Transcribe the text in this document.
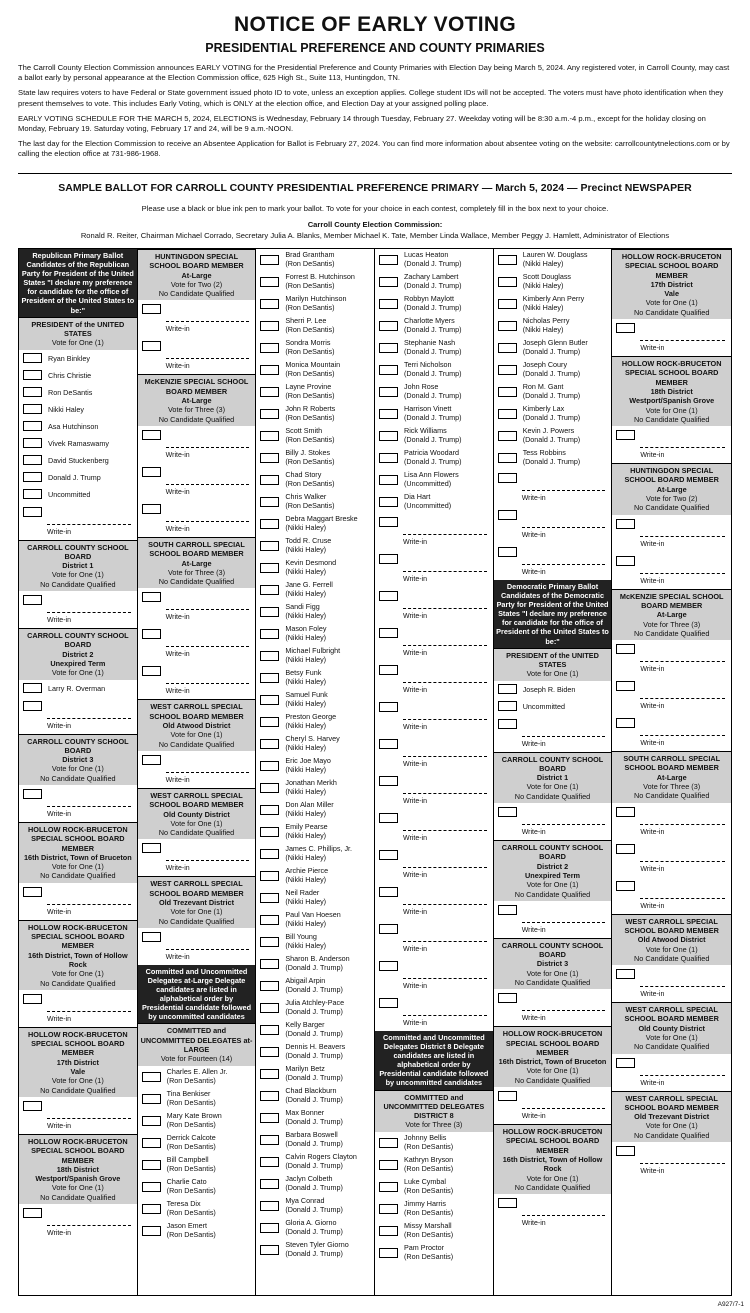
NOTICE OF EARLY VOTING
PRESIDENTIAL PREFERENCE AND COUNTY PRIMARIES

The Carroll County Election Commission announces EARLY VOTING for the Presidential Preference and County Primaries with Election Day being March 5, 2024. Any registered voter, in Carroll County, may cast a ballot early by personal appearance at the Election Commission office, 625 High St., Suite 113, Huntingdon, TN.

State law requires voters to have Federal or State government issued photo ID to vote, unless an exception applies. College student IDs will not be accepted. The voters must have photo identification when they present themselves to vote. This includes Early Voting, which is ONLY at the election office, and Election Day at your assigned polling place.

EARLY VOTING SCHEDULE FOR THE MARCH 5, 2024, ELECTIONS is Wednesday, February 14 through Tuesday, February 27. Weekday voting will be 8:30 a.m.-4 p.m., except for the holiday closing on Monday, February 19. Saturday voting, February 17 and 24, will be 9 a.m.-NOON.

The last day for the Election Commission to receive an Absentee Application for Ballot is February 27, 2024. You can find more information about absentee voting on the website: carrollcountytnelections.com or by calling the election office at 731-986-1968.

SAMPLE BALLOT FOR CARROLL COUNTY PRESIDENTIAL PREFERENCE PRIMARY — March 5, 2024 — Precinct NEWSPAPER
Please use a black or blue ink pen to mark your ballot. To vote for your choice in each contest, completely fill in the box next to your choice.
Carroll County Election Commission:
Ronald R. Reiter, Chairman Michael Corrado, Secretary Julia A. Blanks, Member Michael K. Tate, Member Linda Wallace, Member Peggy J. Hamlett, Administrator of Elections
Republican Primary Ballot Candidates of the Republican Party for President of the United States "I declare my preference for candidate for the office of President of the United States to be:"
PRESIDENT of the UNITED STATES
Vote for One (1)
Ryan Binkley
Chris Christie
Ron DeSantis
Nikki Haley
Asa Hutchinson
Vivek Ramaswamy
David Stuckenberg
Donald J. Trump
Uncommitted
Write-in
CARROLL COUNTY SCHOOL BOARD
District 1
Vote for One (1)
No Candidate Qualified
Write-in
CARROLL COUNTY SCHOOL BOARD
District 2
Unexpired Term
Vote for One (1)
Larry R. Overman
Write-in
CARROLL COUNTY SCHOOL BOARD
District 3
Vote for One (1)
No Candidate Qualified
Write-in
HOLLOW ROCK-BRUCETON SPECIAL SCHOOL BOARD MEMBER
16th District, Town of Bruceton
Vote for One (1)
No Candidate Qualified
Write-in
HOLLOW ROCK-BRUCETON SPECIAL SCHOOL BOARD MEMBER
16th District, Town of Hollow Rock
Vote for One (1)
No Candidate Qualified
Write-in
HOLLOW ROCK-BRUCETON SPECIAL SCHOOL BOARD MEMBER
17th District
Vale
Vote for One (1)
No Candidate Qualified
Write-in
HOLLOW ROCK-BRUCETON SPECIAL SCHOOL BOARD MEMBER
18th District
Westport/Spanish Grove
Vote for One (1)
No Candidate Qualified
Write-in
HUNTINGDON SPECIAL SCHOOL BOARD MEMBER
At-Large
Vote for Two (2)
No Candidate Qualified
Write-in
Write-in
McKENZIE SPECIAL SCHOOL BOARD MEMBER
At-Large
Vote for Three (3)
No Candidate Qualified
Write-in
Write-in
Write-in
SOUTH CARROLL SPECIAL SCHOOL BOARD MEMBER
At-Large
Vote for Three (3)
No Candidate Qualified
Write-in
Write-in
Write-in
WEST CARROLL SPECIAL SCHOOL BOARD MEMBER
Old Atwood District
Vote for One (1)
No Candidate Qualified
Write-in
WEST CARROLL SPECIAL SCHOOL BOARD MEMBER
Old County District
Vote for One (1)
No Candidate Qualified
Write-in
WEST CARROLL SPECIAL SCHOOL BOARD MEMBER
Old Trezevant District
Vote for One (1)
No Candidate Qualified
Write-in
Committed and Uncommitted Delegates at-Large Delegate candidates are listed in alphabetical order by Presidential candidate followed by uncommitted candidates
COMMITTED and UNCOMMITTED DELEGATES at-LARGE
Vote for Fourteen (14)
Charles E. Allen Jr.
(Ron DeSantis)
Tina Benkiser
(Ron DeSantis)
Mary Kate Brown
(Ron DeSantis)
Derrick Calcote
(Ron DeSantis)
Bill Campbell
(Ron DeSantis)
Charlie Cato
(Ron DeSantis)
Teresa Dix
(Ron DeSantis)
Jason Emert
(Ron DeSantis)
Brad Grantham
(Ron DeSantis)
Forrest B. Hutchinson
(Ron DeSantis)
Marilyn Hutchinson
(Ron DeSantis)
Sherri P. Lee
(Ron DeSantis)
Sondra Morris
(Ron DeSantis)
Monica Mountain
(Ron DeSantis)
Layne Provine
(Ron DeSantis)
John R Roberts
(Ron DeSantis)
Scott Smith
(Ron DeSantis)
Billy J. Stokes
(Ron DeSantis)
Chad Story
(Ron DeSantis)
Chris Walker
(Ron DeSantis)
Debra Maggart Breske
(Nikki Haley)
Todd R. Cruse
(Nikki Haley)
Kevin Desmond
(Nikki Haley)
Jane G. Ferrell
(Nikki Haley)
Sandi Figg
(Nikki Haley)
Mason Foley
(Nikki Haley)
Michael Fulbright
(Nikki Haley)
Betsy Funk
(Nikki Haley)
Samuel Funk
(Nikki Haley)
Preston George
(Nikki Haley)
Cheryl S. Harvey
(Nikki Haley)
Eric Joe Mayo
(Nikki Haley)
Jonathan Merkh
(Nikki Haley)
Don Alan Miller
(Nikki Haley)
Emily Pearse
(Nikki Haley)
James C. Phillips, Jr.
(Nikki Haley)
Archie Pierce
(Nikki Haley)
Neil Rader
(Nikki Haley)
Paul Van Hoesen
(Nikki Haley)
Bill Young
(Nikki Haley)
Sharon B. Anderson
(Donald J. Trump)
Abigail Arpin
(Donald J. Trump)
Julia Atchley-Pace
(Donald J. Trump)
Kelly Barger
(Donald J. Trump)
Dennis H. Beavers
(Donald J. Trump)
Marilyn Betz
(Donald J. Trump)
Chad Blackburn
(Donald J. Trump)
Max Bonner
(Donald J. Trump)
Barbara Boswell
(Donald J. Trump)
Calvin Rogers Clayton
(Donald J. Trump)
Jaclyn Colbeth
(Donald J. Trump)
Mya Conrad
(Donald J. Trump)
Gloria A. Giorno
(Donald J. Trump)
Steven Tyler Giorno
(Donald J. Trump)
Lucas Heaton
(Donald J. Trump)
Zachary Lambert
(Donald J. Trump)
Robbyn Maylott
(Donald J. Trump)
Charlotte Myers
(Donald J. Trump)
Stephanie Nash
(Donald J. Trump)
Terri Nicholson
(Donald J. Trump)
John Rose
(Donald J. Trump)
Harrison Vinett
(Donald J. Trump)
Rick Williams
(Donald J. Trump)
Patricia Woodard
(Donald J. Trump)
Lisa Ann Flowers
(Uncommitted)
Dia Hart
(Uncommitted)
Write-in
Write-in
Write-in
Write-in
Write-in
Write-in
Write-in
Write-in
Write-in
Write-in
Write-in
Write-in
Write-in
Write-in
Committed and Uncommitted Delegates District 8 Delegate candidates are listed in alphabetical order by Presidential candidate followed by uncommitted candidates
COMMITTED and UNCOMMITTED DELEGATES DISTRICT 8
Vote for Three (3)
Johnny Bellis
(Ron DeSantis)
Kathryn Bryson
(Ron DeSantis)
Luke Cymbal
(Ron DeSantis)
Jimmy Harris
(Ron DeSantis)
Missy Marshall
(Ron DeSantis)
Pam Proctor
(Ron DeSantis)
Lauren W. Douglass
(Nikki Haley)
Scott Douglass
(Nikki Haley)
Kimberly Ann Perry
(Nikki Haley)
Nicholas Perry
(Nikki Haley)
Joseph Glenn Butler
(Donald J. Trump)
Joseph Coury
(Donald J. Trump)
Ron M. Gant
(Donald J. Trump)
Kimberly Lax
(Donald J. Trump)
Kevin J. Powers
(Donald J. Trump)
Tess Robbins
(Donald J. Trump)
Write-in
Write-in
Write-in
Democratic Primary Ballot Candidates of the Democratic Party for President of the United States "I declare my preference for candidate for the office of President of the United States to be:"
PRESIDENT of the UNITED STATES
Vote for One (1)
Joseph R. Biden
Uncommitted
Write-in
CARROLL COUNTY SCHOOL BOARD
District 1
Vote for One (1)
No Candidate Qualified
Write-in
CARROLL COUNTY SCHOOL BOARD
District 2
Unexpired Term
Vote for One (1)
No Candidate Qualified
Write-in
CARROLL COUNTY SCHOOL BOARD
District 3
Vote for One (1)
No Candidate Qualified
Write-in
HOLLOW ROCK-BRUCETON SPECIAL SCHOOL BOARD MEMBER
16th District, Town of Bruceton
Vote for One (1)
No Candidate Qualified
Write-in
HOLLOW ROCK-BRUCETON SPECIAL SCHOOL BOARD MEMBER
16th District, Town of Hollow Rock
Vote for One (1)
No Candidate Qualified
Write-in
HOLLOW ROCK-BRUCETON SPECIAL SCHOOL BOARD MEMBER
17th District
Vale
Vote for One (1)
No Candidate Qualified
Write-in
HOLLOW ROCK-BRUCETON SPECIAL SCHOOL BOARD MEMBER
18th District
Westport/Spanish Grove
Vote for One (1)
No Candidate Qualified
Write-in
HUNTINGDON SPECIAL SCHOOL BOARD MEMBER
At-Large
Vote for Two (2)
No Candidate Qualified
Write-in
Write-in
McKENZIE SPECIAL SCHOOL BOARD MEMBER
At-Large
Vote for Three (3)
No Candidate Qualified
Write-in
Write-in
Write-in
SOUTH CARROLL SPECIAL SCHOOL BOARD MEMBER
At-Large
Vote for Three (3)
No Candidate Qualified
Write-in
Write-in
Write-in
WEST CARROLL SPECIAL SCHOOL BOARD MEMBER
Old Atwood District
Vote for One (1)
No Candidate Qualified
Write-in
WEST CARROLL SPECIAL SCHOOL BOARD MEMBER
Old County District
Vote for One (1)
No Candidate Qualified
Write-in
WEST CARROLL SPECIAL SCHOOL BOARD MEMBER
Old Trezevant District
Vote for One (1)
No Candidate Qualified
Write-in
A927/7-1
